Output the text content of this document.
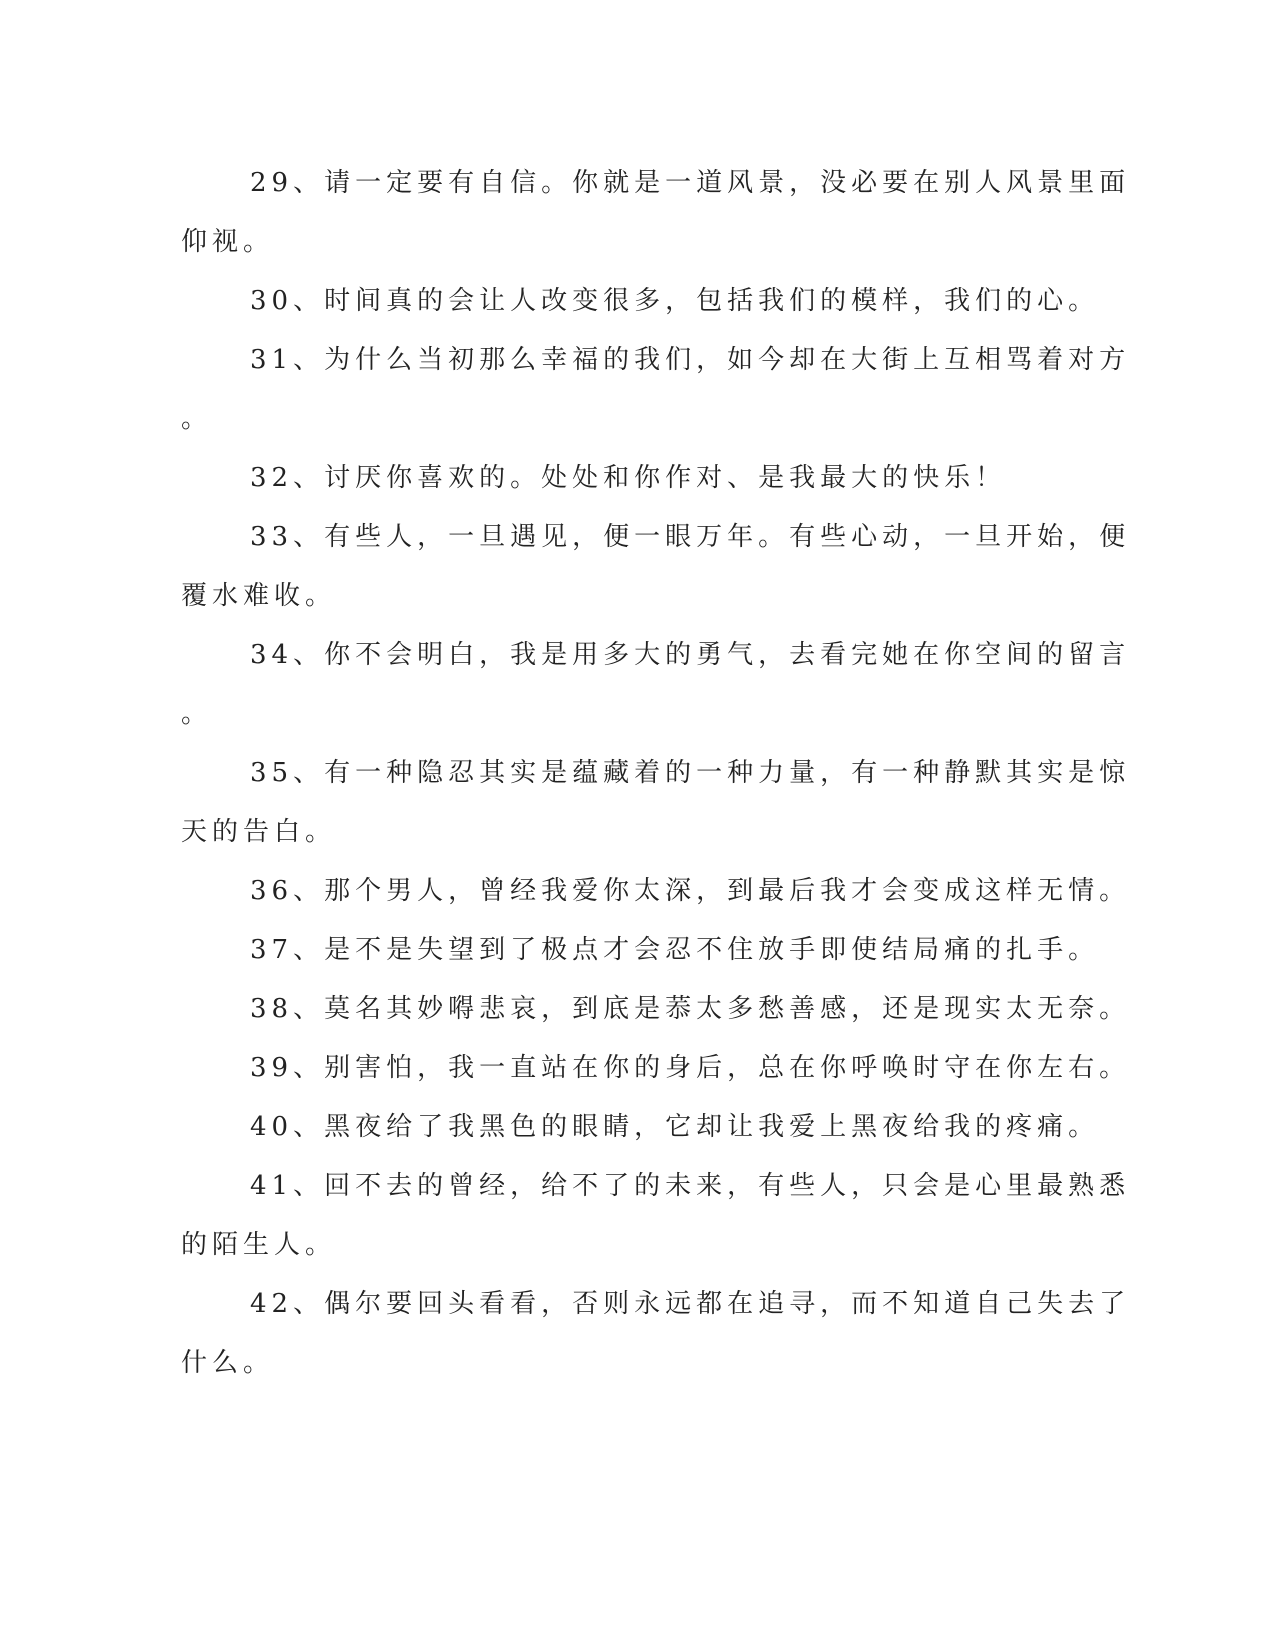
29、请一定要有自信。你就是一道风景，没必要在别人风景里面
仰视。
30、时间真的会让人改变很多，包括我们的模样，我们的心。
31、为什么当初那么幸福的我们，如今却在大街上互相骂着对方
。
32、讨厌你喜欢的。处处和你作对、是我最大的快乐！
33、有些人，一旦遇见，便一眼万年。有些心动，一旦开始，便
覆水难收。
34、你不会明白，我是用多大的勇气，去看完她在你空间的留言
。
35、有一种隐忍其实是蕴藏着的一种力量，有一种静默其实是惊
天的告白。
36、那个男人，曾经我爱你太深，到最后我才会变成这样无情。
37、是不是失望到了极点才会忍不住放手即使结局痛的扎手。
38、莫名其妙嘚悲哀，到底是菾太多愁善感，还是现实太无奈。
39、别害怕，我一直站在你的身后，总在你呼唤时守在你左右。
40、黑夜给了我黑色的眼睛，它却让我爱上黑夜给我的疼痛。
41、回不去的曾经，给不了的未来，有些人，只会是心里最熟悉
的陌生人。
42、偶尔要回头看看，否则永远都在追寻，而不知道自己失去了
什么。
